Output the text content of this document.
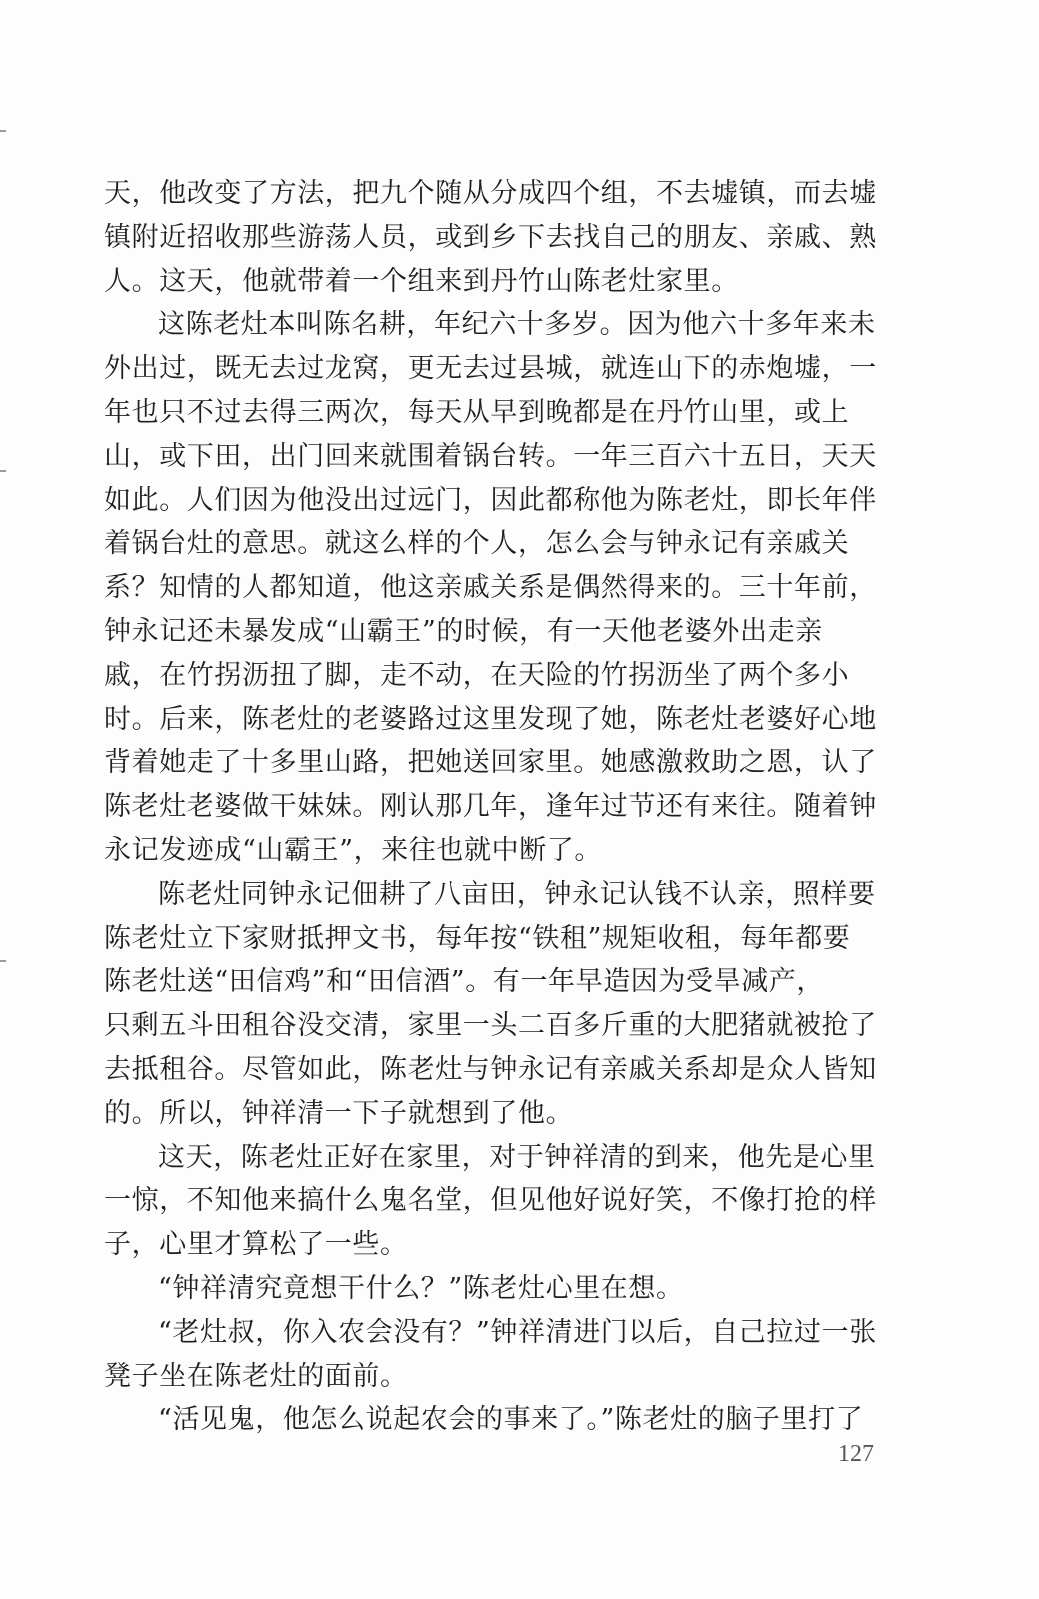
天，他改变了方法，把九个随从分成四个组，不去墟镇，而去墟
镇附近招收那些游荡人员，或到乡下去找自己的朋友、亲戚、熟
人。这天，他就带着一个组来到丹竹山陈老灶家里。
这陈老灶本叫陈名耕，年纪六十多岁。因为他六十多年来未
外出过，既无去过龙窝，更无去过县城，就连山下的赤炮墟，一
年也只不过去得三两次，每天从早到晚都是在丹竹山里，或上
山，或下田，出门回来就围着锅台转。一年三百六十五日，天天
如此。人们因为他没出过远门，因此都称他为陈老灶，即长年伴
着锅台灶的意思。就这么样的个人，怎么会与钟永记有亲戚关
系？知情的人都知道，他这亲戚关系是偶然得来的。三十年前，
钟永记还未暴发成“山霸王”的时候，有一天他老婆外出走亲
戚，在竹拐沥扭了脚，走不动，在天险的竹拐沥坐了两个多小
时。后来，陈老灶的老婆路过这里发现了她，陈老灶老婆好心地
背着她走了十多里山路，把她送回家里。她感激救助之恩，认了
陈老灶老婆做干妹妹。刚认那几年，逢年过节还有来往。随着钟
永记发迹成“山霸王”，来往也就中断了。
陈老灶同钟永记佃耕了八亩田，钟永记认钱不认亲，照样要
陈老灶立下家财抵押文书，每年按“铁租”规矩收租，每年都要
陈老灶送“田信鸡”和“田信酒”。有一年早造因为受旱减产，
只剩五斗田租谷没交清，家里一头二百多斤重的大肥猪就被抢了
去抵租谷。尽管如此，陈老灶与钟永记有亲戚关系却是众人皆知
的。所以，钟祥清一下子就想到了他。
这天，陈老灶正好在家里，对于钟祥清的到来，他先是心里
一惊，不知他来搞什么鬼名堂，但见他好说好笑，不像打抢的样
子，心里才算松了一些。
“钟祥清究竟想干什么？”陈老灶心里在想。
“老灶叔，你入农会没有？”钟祥清进门以后，自己拉过一张
凳子坐在陈老灶的面前。
“活见鬼，他怎么说起农会的事来了。”陈老灶的脑子里打了
127
